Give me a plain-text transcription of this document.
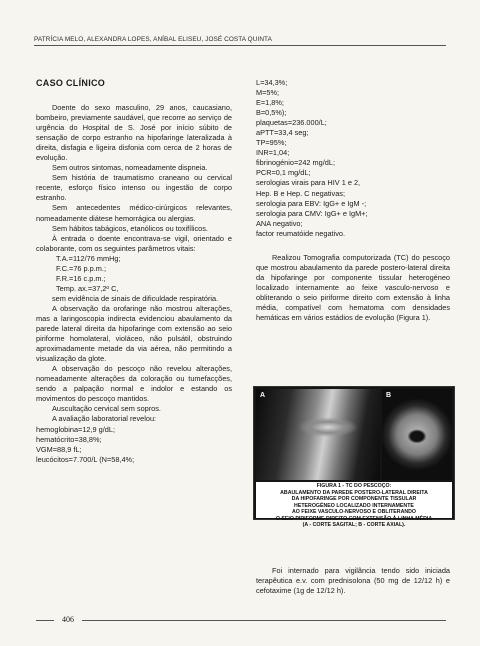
PATRÍCIA MELO, ALEXANDRA LOPES, ANÍBAL ELISEU, JOSÉ COSTA QUINTA
CASO CLÍNICO

Doente do sexo masculino, 29 anos, caucasiano, bombeiro, previamente saudável, que recorre ao serviço de urgência do Hospital de S. José por início súbito de sensação de corpo estranho na hipofaringe lateralizada à direita, disfagia e ligeira disfonia com cerca de 2 horas de evolução.

Sem outros sintomas, nomeadamente dispneia.

Sem história de traumatismo craneano ou cervical recente, esforço físico intenso ou ingestão de corpo estranho.

Sem antecedentes médico-cirúrgicos relevantes, nomeadamente diátese hemorrágica ou alergias.

Sem hábitos tabágicos, etanólicos ou toxifílicos.

À entrada o doente encontrava-se vigil, orientado e colaborante, com os seguintes parâmetros vitais:

T.A.=112/76 mmHg;

F.C.=76 p.p.m.;

F.R.=16 c.p.m.;

Temp. ax.=37,2º C,

sem evidência de sinais de dificuldade respiratória.

A observação da orofaringe não mostrou alterações, mas a laringoscopia indirecta evidenciou abaulamento da parede lateral direita da hipofaringe com extensão ao seio piriforme homolateral, violáceo, não pulsátil, obstruindo aproximadamente metade da via aérea, não permitindo a visualização da glote.

A observação do pescoço não revelou alterações, nomeadamente alterações da coloração ou tumefacções, sendo a palpação normal e indolor e estando os movimentos do pescoço mantidos.

Auscultação cervical sem sopros.

A avaliação laboratorial revelou:

hemoglobina=12,9 g/dL;

hematócrito=38,8%;

VGM=88,9 fL;

leucócitos=7.700/L (N=58,4%;

L=34,3%;

M=5%;

E=1,8%;

B=0,5%);

plaquetas=236.000/L;

aPTT=33,4 seg;

TP=95%;

INR=1,04;

fibrinogénio=242 mg/dL;

PCR=0,1 mg/dL;

serologias virais para HIV 1 e 2,

Hep. B e Hep. C negativas;

serologia para EBV: IgG+ e IgM -;

serologia para CMV: IgG+ e IgM+;

ANA negativo;

factor reumatóide negativo.

Realizou Tomografia computorizada (TC) do pescoço que mostrou abaulamento da parede postero-lateral direita da hipofaringe por componente tissular heterogéneo localizado internamente ao feixe vasculo-nervoso e obliterando o seio piriforme direito com extensão à linha média, compatível com hematoma com densidades hemáticas em vários estádios de evolução (Figura 1).

A	B
FIGURA 1 - TC DO PESCOÇO:
ABAULAMENTO DA PAREDE POSTERO-LATERAL DIREITA
DA HIPOFARINGE POR COMPONENTE TISSULAR
HETEROGÉNEO LOCALIZADO INTERNAMENTE
AO FEIXE VASCULO-NERVOSO E OBLITERANDO
O SEIO PIRIFORME DIREITO COM EXTENSÃO À LINHA MÉDIA
(A - CORTE SAGITAL; B - CORTE AXIAL).

Foi internado para vigilância tendo sido iniciada terapêutica e.v. com prednisolona (50 mg de 12/12 h) e cefotaxime (1g de 12/12 h).

406
